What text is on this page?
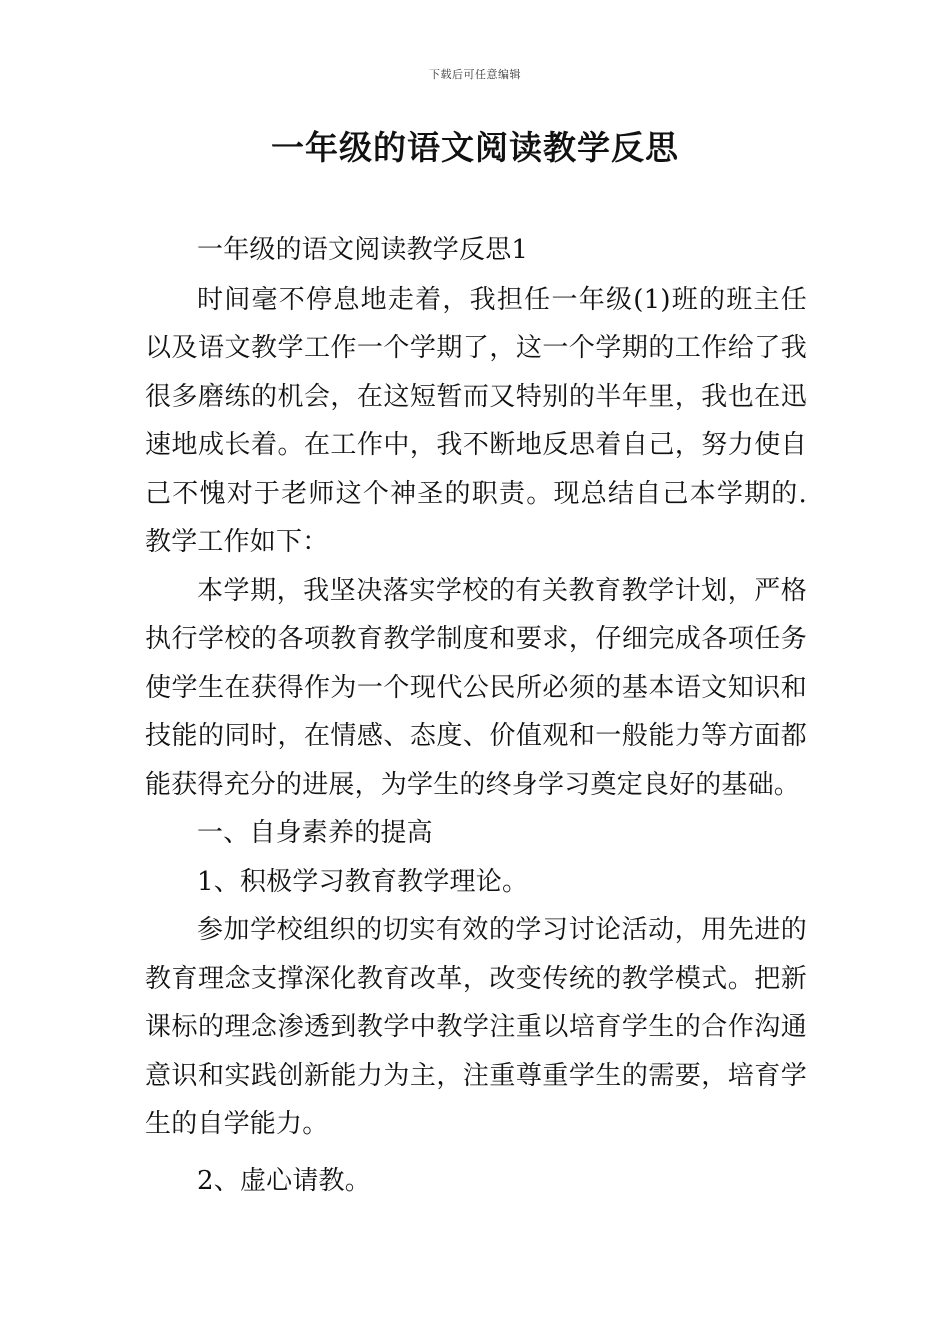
下载后可任意编辑
一年级的语文阅读教学反思

一年级的语文阅读教学反思1

时间毫不停息地走着，我担任一年级(1)班的班主任以及语文教学工作一个学期了，这一个学期的工作给了我很多磨练的机会，在这短暂而又特别的半年里，我也在迅速地成长着。在工作中，我不断地反思着自己，努力使自己不愧对于老师这个神圣的职责。现总结自己本学期的.教学工作如下：

本学期，我坚决落实学校的有关教育教学计划，严格执行学校的各项教育教学制度和要求，仔细完成各项任务使学生在获得作为一个现代公民所必须的基本语文知识和技能的同时，在情感、态度、价值观和一般能力等方面都能获得充分的进展，为学生的终身学习奠定良好的基础。

一、自身素养的提高

1、积极学习教育教学理论。

参加学校组织的切实有效的学习讨论活动，用先进的教育理念支撑深化教育改革，改变传统的教学模式。把新课标的理念渗透到教学中教学注重以培育学生的合作沟通意识和实践创新能力为主，注重尊重学生的需要，培育学生的自学能力。

2、虚心请教。
